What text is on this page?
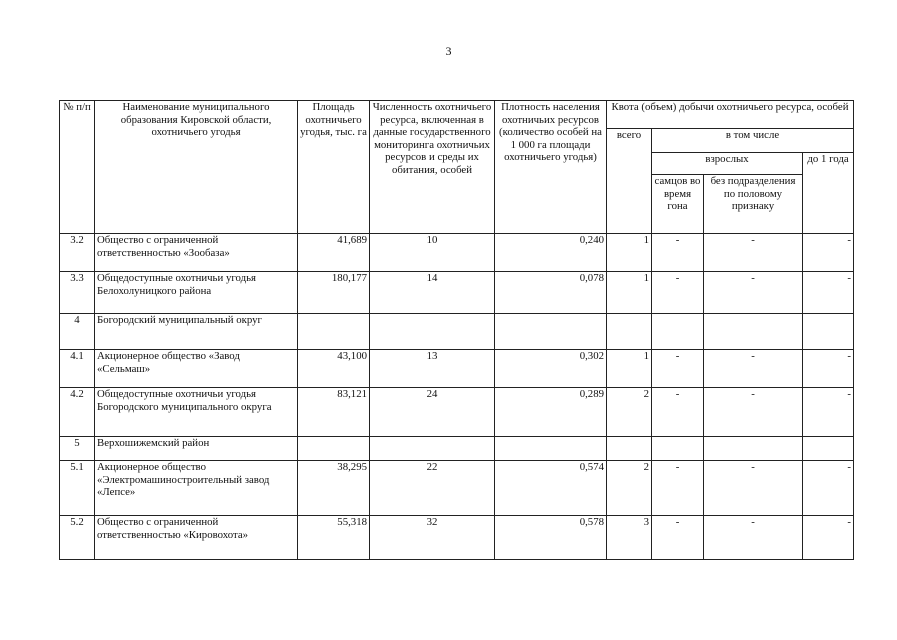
3
№ п/п	Наименование муниципального образования Кировской области, охотничьего угодья	Площадь охотничьего угодья, тыс. га	Численность охотничьего ресурса, включенная в данные государственного мониторинга охотничьих ресурсов и среды их обитания, особей	Плотность населения охотничьих ресурсов (количество особей на 1 000 га площади охотничьего угодья)	Квота (объем) добычи охотничьего ресурса, особей			
					всего	в том числе		
						взрослых		до 1 года
						самцов во время гона	без подразделения по половому признаку	
3.2	Общество с ограниченной ответственностью «Зообаза»	41,689	10	0,240	1	-	-	-
3.3	Общедоступные охотничьи угодья Белохолуницкого района	180,177	14	0,078	1	-	-	-
4	Богородский муниципальный округ							
4.1	Акционерное общество «Завод «Сельмаш»	43,100	13	0,302	1	-	-	-
4.2	Общедоступные охотничьи угодья Богородского муниципального округа	83,121	24	0,289	2	-	-	-
5	Верхошижемский район							
5.1	Акционерное общество «Электромашиностроительный завод «Лепсе»	38,295	22	0,574	2	-	-	-
5.2	Общество с ограниченной ответственностью «Кировохота»	55,318	32	0,578	3	-	-	-
